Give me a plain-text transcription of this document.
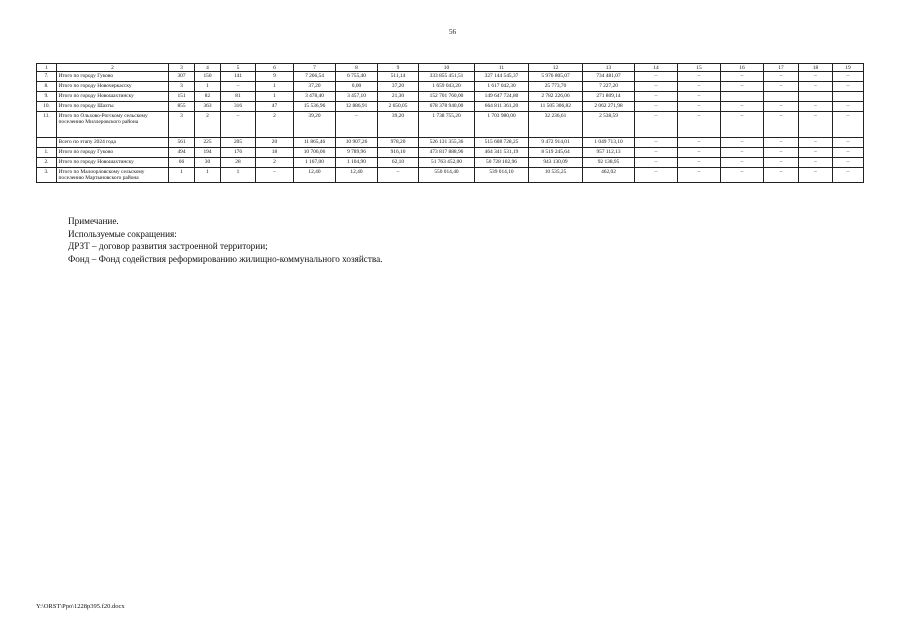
56
1	2	3	4	5	6	7	8	9	10	11	12	13	14	15	16	17	18	19
7.	Итого по городу Гуково	307	150	141	9	7 266,54	6 755,40	511,14	333 855 451,51	327 144 545,37	5 976 805,07	734 481,07	–	–	–	–	–	–
8.	Итого по городу Новочеркасску	3	1	–	1	37,20	0,00	37,20	1 659 043,20	1 617 042,30	25 773,70	7 227,20	–	–	–	–	–	–
9.	Итого по городу Новошахтинску	151	82	81	1	3 478,40	3 457,10	21,30	152 701 760,00	149 647 724,80	2 782 226,06	271 809,14	–	–				
10.	Итого по городу Шахты	855	363	316	47	15 536,96	12 886,91	2 650,05	678 378 940,00	664 811 361,20	11 505 306,82	2 062 271,98	–	–	–	–	–	–
11.	Итого по Ольхово-Рогскому сельскому поселению Миллеровского района	3	2	–	2	39,20	–	39,20	1 738 755,20	1 703 980,00	32 236,61	2 538,59	–	–	–	–	–	–
	Всего по этапу 2024 года	561	225	205	20	11 865,46	10 907,26	978,20	526 131 355,36	515 608 728,25	9 472 914,01	1 049 713,10	–	–	–	–	–	–
1.	Итого по городу Гуково	494	194	176	18	10 706,06	9 789,96	916,10	473 817 888,96	464 341 531,19	8 519 245,64	957 112,13	–	–	–	–	–	–
2.	Итого по городу Новошахтинску	66	30	28	2	1 167,00	1 104,90	62,10	51 763 452,00	50 728 182,96	943 130,09	92 138,95	–	–	–	–	–	–
3.	Итого по Малоорловскому сельскому поселению Мартыновского района	1	1	1	–	12,40	12,40	–	550 014,40	539 014,10	10 535,25	462,02	–	–	–	–	–	–
Примечание.
Используемые сокращения:
ДРЗТ – договор развития застроенной территории;
Фонд – Фонд содействия реформированию жилищно-коммунального хозяйства.
Y:\ORST\Ppo\1228p395.f20.docx
